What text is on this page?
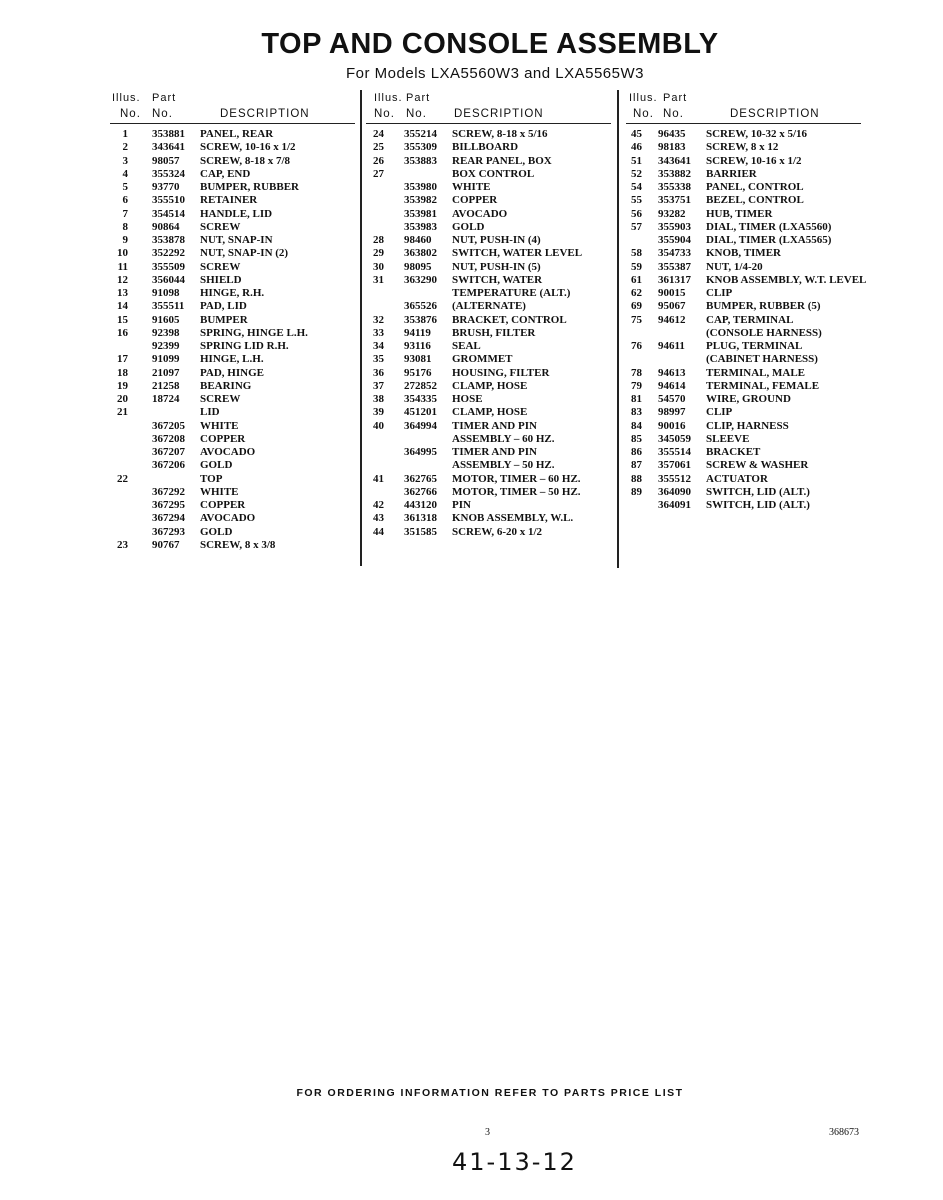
TOP AND CONSOLE ASSEMBLY
For Models LXA5560W3 and LXA5565W3
Illus. Part
No. No.	DESCRIPTION
1 353881 PANEL, REAR
2 343641 SCREW, 10-16 x 1/2
3 98057 SCREW, 8-18 x 7/8
4 355324 CAP, END
5 93770 BUMPER, RUBBER
6 355510 RETAINER
7 354514 HANDLE, LID
8 90864 SCREW
9 353878 NUT, SNAP-IN
10 352292 NUT, SNAP-IN (2)
11 355509 SCREW
12 356044 SHIELD
13 91098 HINGE, R.H.
14 355511 PAD, LID
15 91605 BUMPER
16 92398 SPRING, HINGE L.H.
92399 SPRING LID R.H.
17 91099 HINGE, L.H.
18 21097 PAD, HINGE
19 21258 BEARING
20 18724 SCREW
21	LID
367205 WHITE
367208 COPPER
367207 AVOCADO
367206 GOLD
22	TOP
367292 WHITE
367295 COPPER
367294 AVOCADO
367293 GOLD
23 90767 SCREW, 8 x 3/8
Illus. Part
No. No. DESCRIPTION
24 355214 SCREW, 8-18 x 5/16
25 355309 BILLBOARD
26 353883 REAR PANEL, BOX
27	BOX CONTROL
353980 WHITE
353982 COPPER
353981 AVOCADO
353983 GOLD
28 98460 NUT, PUSH-IN (4)
29 363802 SWITCH, WATER LEVEL
30 98095 NUT, PUSH-IN (5)
31 363290 SWITCH, WATER
TEMPERATURE (ALT.)
365526 (ALTERNATE)
32 353876 BRACKET, CONTROL
33 94119 BRUSH, FILTER
34 93116 SEAL
35 93081 GROMMET
36 95176 HOUSING, FILTER
37 272852 CLAMP, HOSE
38 354335 HOSE
39 451201 CLAMP, HOSE
40 364994 TIMER AND PIN
ASSEMBLY – 60 HZ.
364995 TIMER AND PIN
ASSEMBLY – 50 HZ.
41 362765 MOTOR, TIMER – 60 HZ.
362766 MOTOR, TIMER – 50 HZ.
42 443120 PIN
43 361318 KNOB ASSEMBLY, W.L.
44 351585 SCREW, 6-20 x 1/2
Illus. Part
No. No.	DESCRIPTION
45 96435 SCREW, 10-32 x 5/16
46 98183 SCREW, 8 x 12
51 343641 SCREW, 10-16 x 1/2
52 353882 BARRIER
54 355338 PANEL, CONTROL
55 353751 BEZEL, CONTROL
56 93282 HUB, TIMER
57 355903 DIAL, TIMER (LXA5560)
355904 DIAL, TIMER (LXA5565)
58 354733 KNOB, TIMER
59 355387 NUT, 1/4-20
61 361317 KNOB ASSEMBLY, W.T. LEVEL
62 90015 CLIP
69 95067 BUMPER, RUBBER (5)
75 94612 CAP, TERMINAL
(CONSOLE HARNESS)
76 94611 PLUG, TERMINAL
(CABINET HARNESS)
78 94613 TERMINAL, MALE
79 94614 TERMINAL, FEMALE
81 54570 WIRE, GROUND
83 98997 CLIP
84 90016 CLIP, HARNESS
85 345059 SLEEVE
86 355514 BRACKET
87 357061 SCREW & WASHER
88 355512 ACTUATOR
89 364090 SWITCH, LID (ALT.)
364091 SWITCH, LID (ALT.)
FOR ORDERING INFORMATION REFER TO PARTS PRICE LIST
3	368673
41-13-12
